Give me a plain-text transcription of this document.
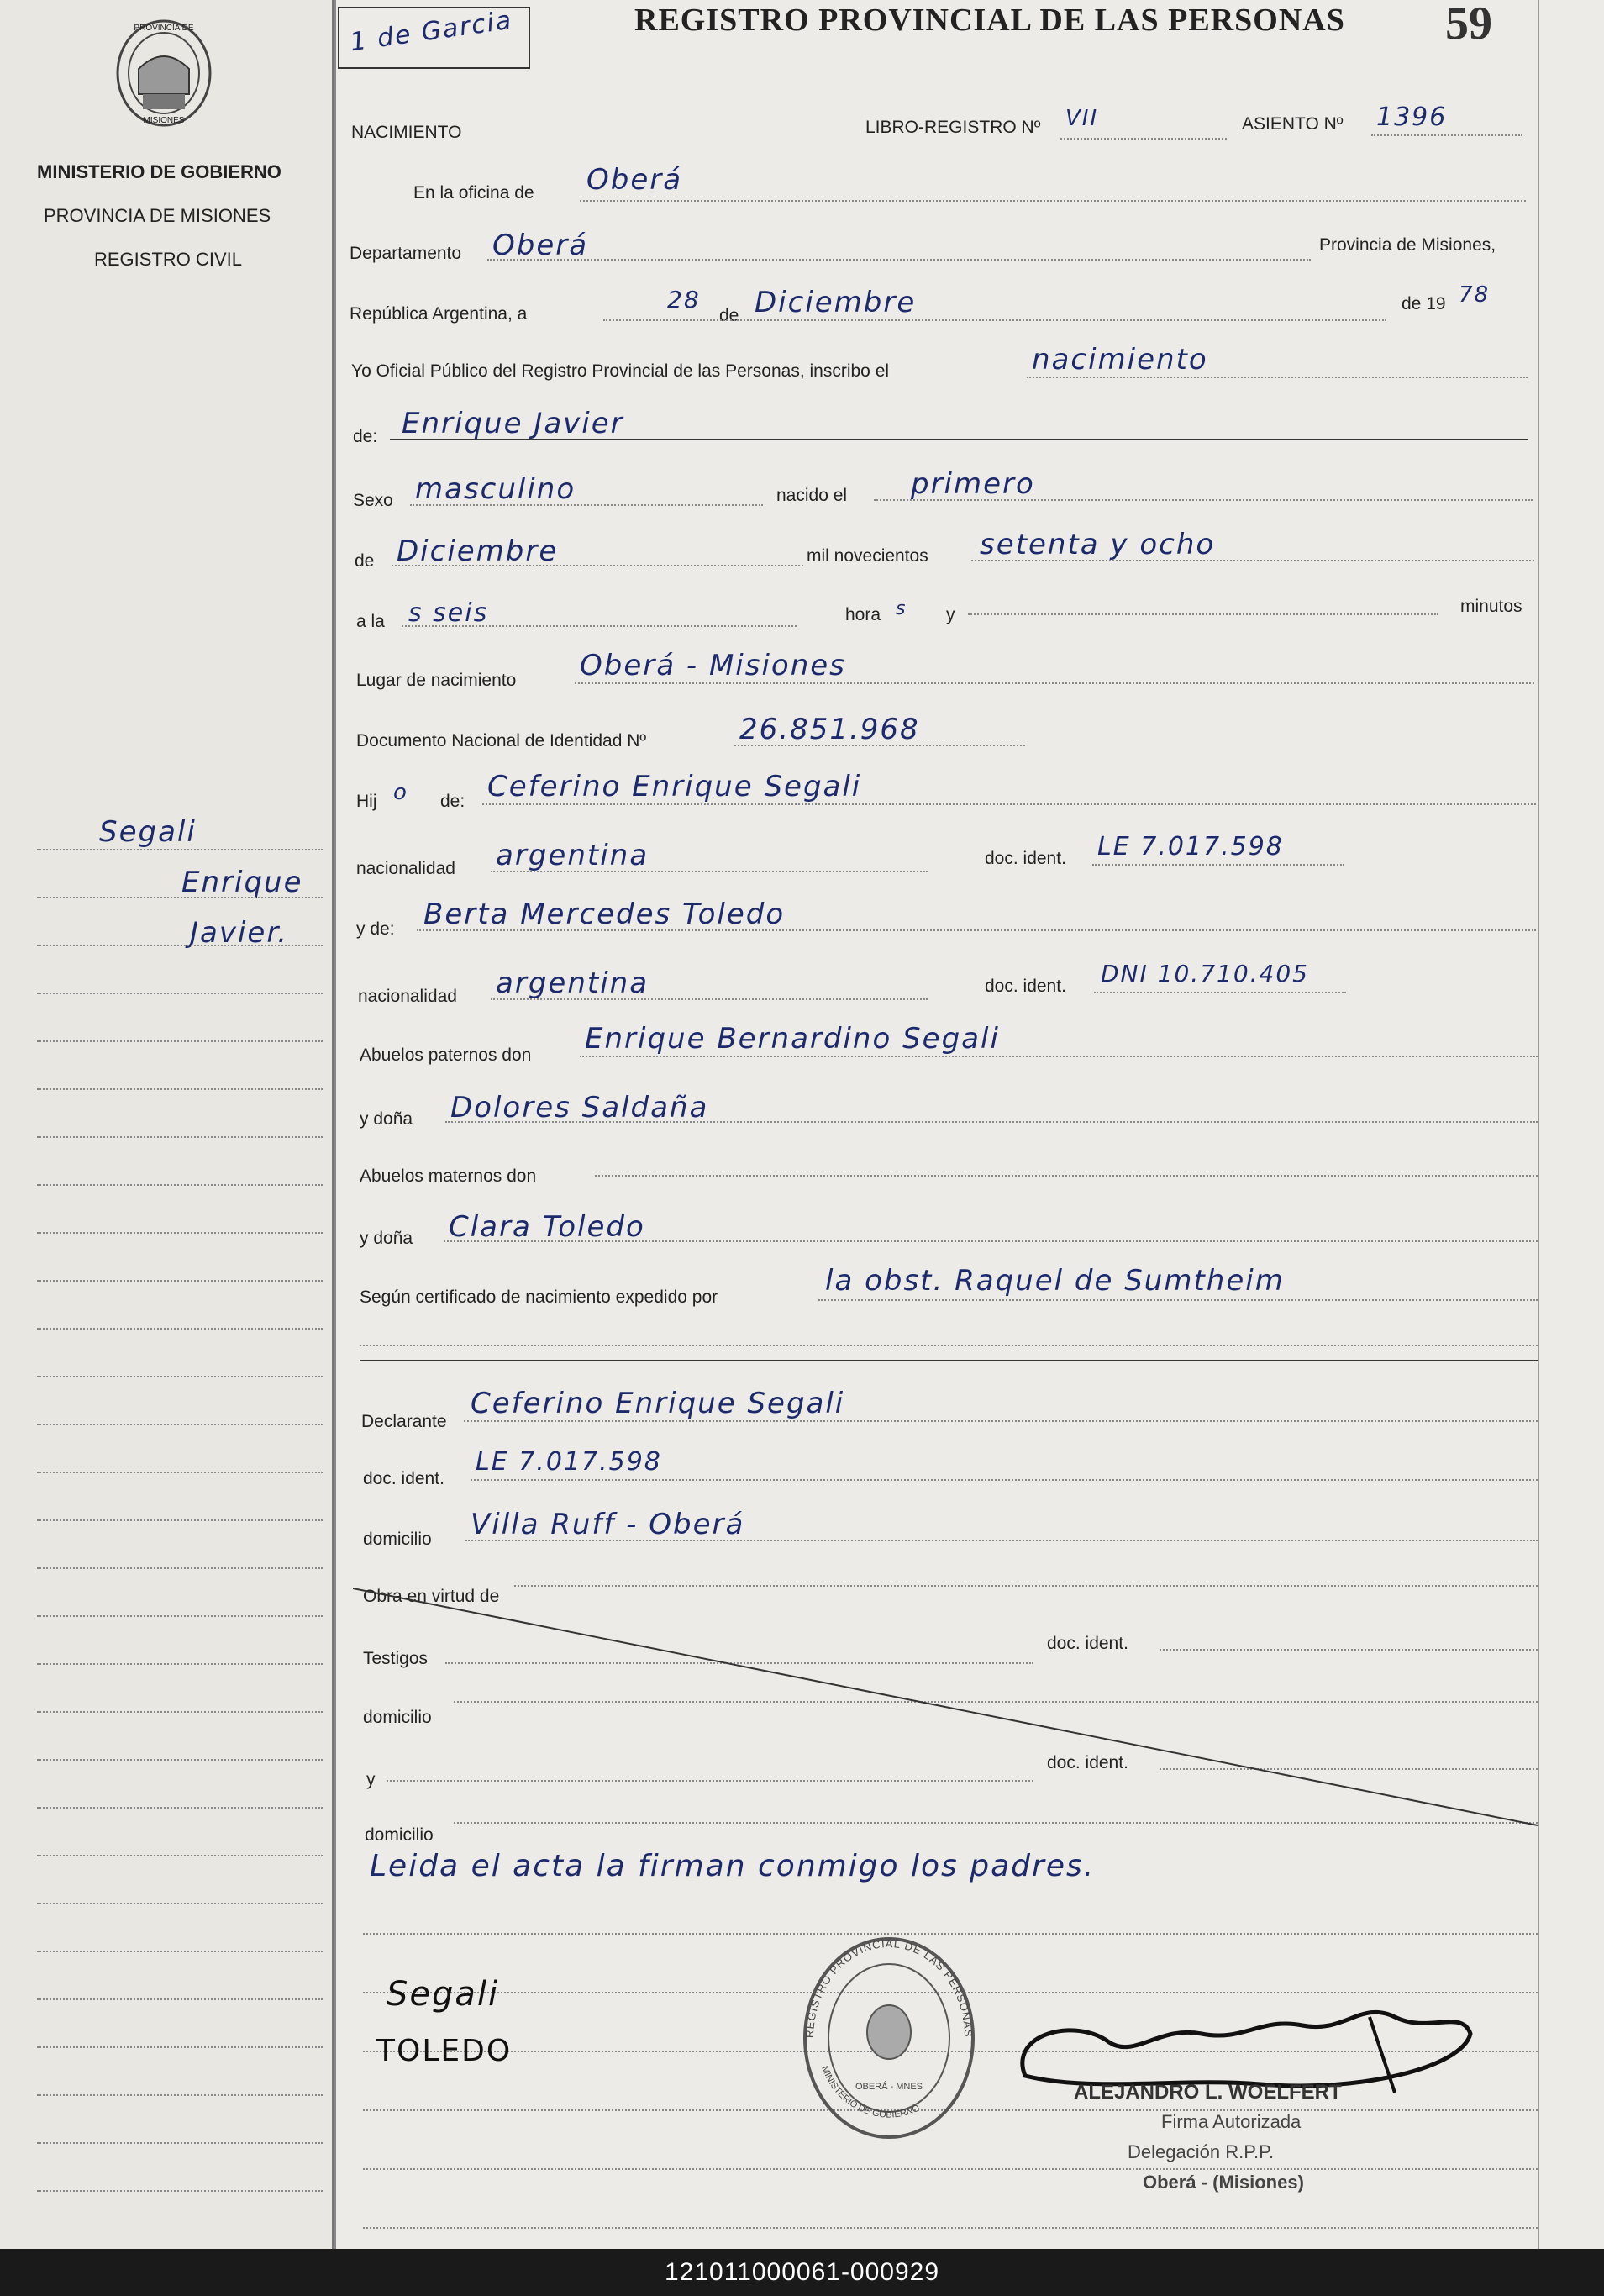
PROVINCIA DE
MISIONES
MINISTERIO DE GOBIERNO
PROVINCIA DE MISIONES
REGISTRO CIVIL
1 de Garcia	REGISTRO PROVINCIAL DE LAS PERSONAS 59
NACIMIENTO	LIBRO-REGISTRO Nº VII	ASIENTO Nº 1396
En la oficina de Oberá
Departamento Oberá	Provincia de Misiones,
República Argentina, a
28
de Diciembre	de 19 78
Yo Oficial Público del Registro Provincial de las Personas, inscribo el	nacimiento
de: Enrique Javier
Sexo masculino	nacido el primero
de Diciembre	mil novecientos setenta y ocho
a la s seis	hora s y	minutos
Lugar de nacimiento Oberá - Misiones
Documento Nacional de Identidad Nº	26.851.968
Hij o de: Ceferino Enrique Segali
nacionalidad argentina	doc. ident. LE 7.017.598
y de: Berta Mercedes Toledo
nacionalidad argentina	doc. ident. DNI 10.710.405
Abuelos paternos don Enrique Bernardino Segali
y doña Dolores Saldaña
Abuelos maternos don
y doña Clara Toledo
Según certificado de nacimiento expedido por	la obst. Raquel de Sumtheim
Declarante
Ceferino Enrique Segali
doc. ident.
LE 7.017.598
domicilio Villa Ruff - Oberá
Obra en virtud de
Testigos
doc. ident.
domicilio
y
doc. ident.
domicilio
Leida el acta la firman conmigo los padres.
Segali
TOLEDO
REGISTRO PROVINCIAL DE LAS PERSONAS
MINISTERIO DE GOBIERNO
OBERÁ - MNES	ALEJANDRO L. WOELFERT
Firma Autorizada
Delegación R.P.P.
Oberá - (Misiones)
Segali
Enrique
Javier.
121011000061-000929
